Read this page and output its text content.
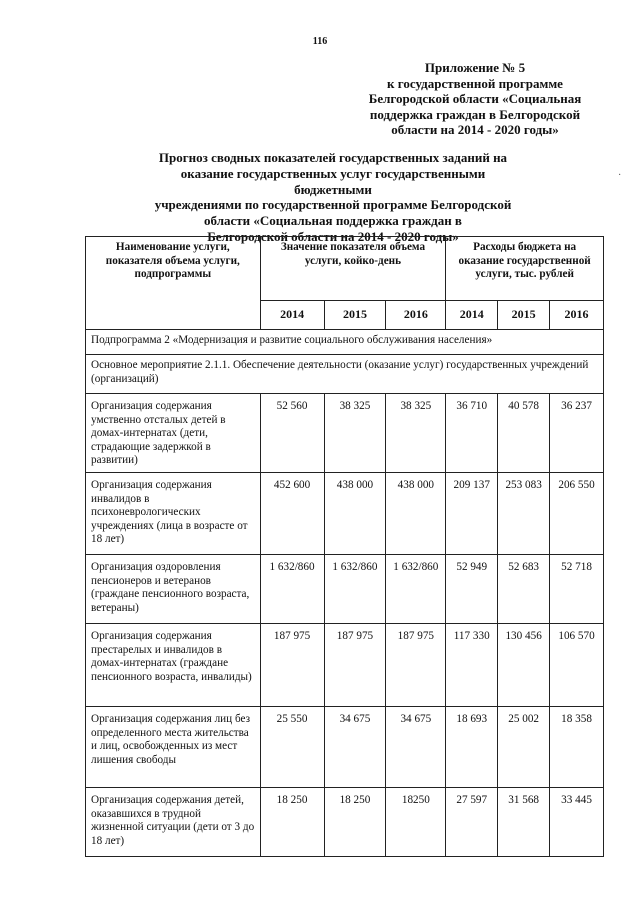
116
Приложение № 5
к государственной программе
Белгородской области «Социальная
поддержка граждан в Белгородской
области на 2014 - 2020 годы»
Прогноз сводных показателей государственных заданий на
оказание государственных услуг государственными бюджетными
учреждениями по государственной программе Белгородской
области «Социальная поддержка граждан в
Белгородской области на 2014 - 2020 годы»
Наименование услуги, показателя объема услуги, подпрограммы	Значение показателя объема услуги, койко-день			Расходы бюджета на оказание государственной услуги, тыс. рублей		
	2014	2015	2016	2014	2015	2016
Подпрограмма 2 «Модернизация и развитие социального обслуживания населения»						
Основное мероприятие 2.1.1. Обеспечение деятельности (оказание услуг) государственных учреждений (организаций)						
Организация содержания умственно отсталых детей в домах-интернатах (дети, страдающие задержкой в развитии)	52 560	38 325	38 325	36 710	40 578	36 237
Организация содержания инвалидов в психоневрологических учреждениях (лица в возрасте от 18 лет)	452 600	438 000	438 000	209 137	253 083	206 550
Организация оздоровления пенсионеров и ветеранов (граждане пенсионного возраста, ветераны)	1 632/860	1 632/860	1 632/860	52 949	52 683	52 718
Организация содержания престарелых и инвалидов в домах-интернатах (граждане пенсионного возраста, инвалиды)	187 975	187 975	187 975	117 330	130 456	106 570
Организация содержания лиц без определенного места жительства и лиц, освобожденных из мест лишения свободы	25 550	34 675	34 675	18 693	25 002	18 358
Организация содержания детей, оказавшихся в трудной жизненной ситуации (дети от 3 до 18 лет)	18 250	18 250	18250	27 597	31 568	33 445
·
